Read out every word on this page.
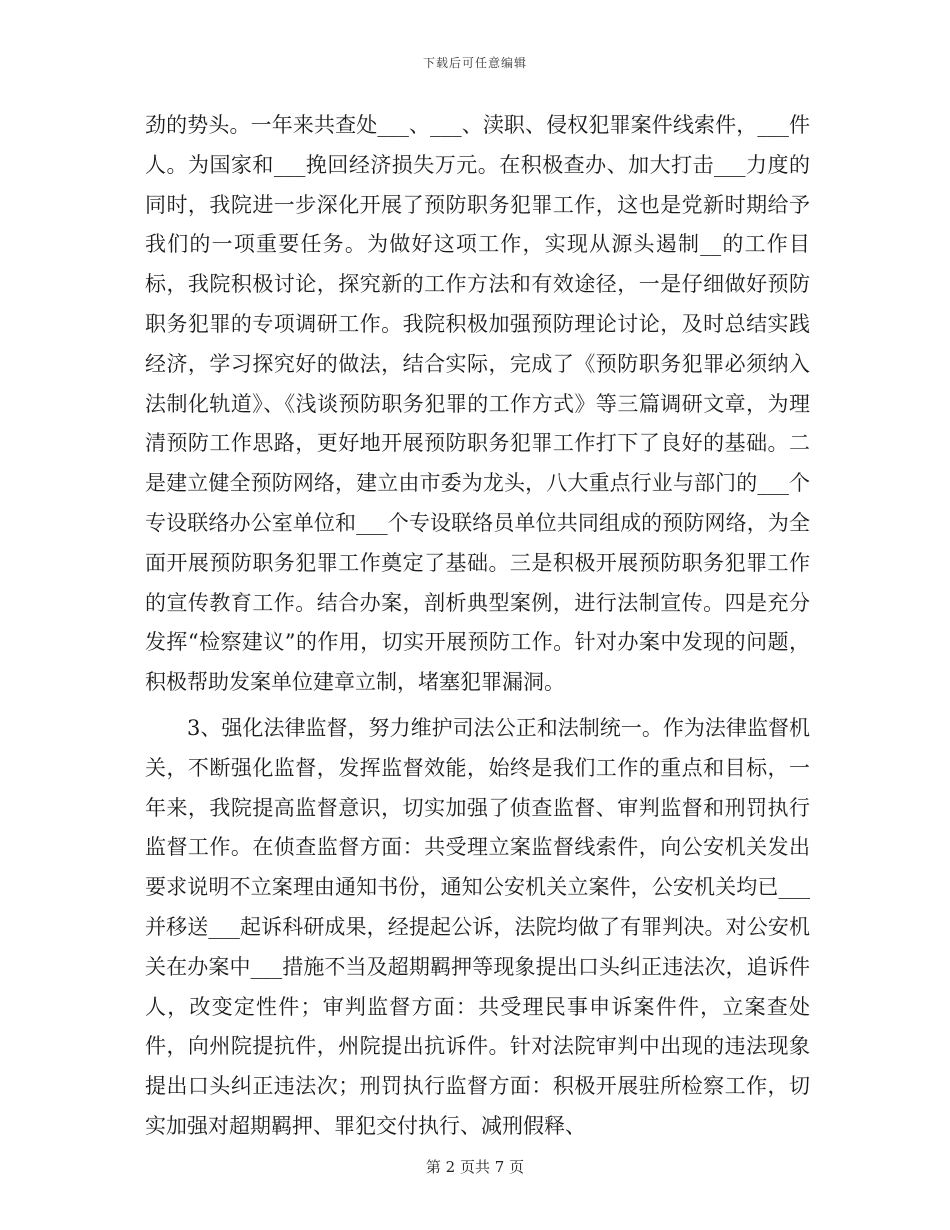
下载后可任意编辑

劲的势头。一年来共查处___、___、渎职、侵权犯罪案件线索件，___件人。为国家和___挽回经济损失万元。在积极查办、加大打击___力度的同时，我院进一步深化开展了预防职务犯罪工作，这也是党新时期给予我们的一项重要任务。为做好这项工作，实现从源头遏制__的工作目标，我院积极讨论，探究新的工作方法和有效途径，一是仔细做好预防职务犯罪的专项调研工作。我院积极加强预防理论讨论，及时总结实践经济，学习探究好的做法，结合实际，完成了《预防职务犯罪必须纳入法制化轨道》、《浅谈预防职务犯罪的工作方式》等三篇调研文章，为理清预防工作思路，更好地开展预防职务犯罪工作打下了良好的基础。二是建立健全预防网络，建立由市委为龙头，八大重点行业与部门的___个专设联络办公室单位和___个专设联络员单位共同组成的预防网络，为全面开展预防职务犯罪工作奠定了基础。三是积极开展预防职务犯罪工作的宣传教育工作。结合办案，剖析典型案例，进行法制宣传。四是充分发挥“检察建议”的作用，切实开展预防工作。针对办案中发现的问题，积极帮助发案单位建章立制，堵塞犯罪漏洞。

3、强化法律监督，努力维护司法公正和法制统一。作为法律监督机关，不断强化监督，发挥监督效能，始终是我们工作的重点和目标，一年来，我院提高监督意识，切实加强了侦查监督、审判监督和刑罚执行监督工作。在侦查监督方面：共受理立案监督线索件，向公安机关发出要求说明不立案理由通知书份，通知公安机关立案件，公安机关均已___并移送___起诉科研成果，经提起公诉，法院均做了有罪判决。对公安机关在办案中___措施不当及超期羁押等现象提出口头纠正违法次，追诉件人，改变定性件；审判监督方面：共受理民事申诉案件件，立案查处件，向州院提抗件，州院提出抗诉件。针对法院审判中出现的违法现象提出口头纠正违法次；刑罚执行监督方面：积极开展驻所检察工作，切实加强对超期羁押、罪犯交付执行、减刑假释、

第 2 页共 7 页
